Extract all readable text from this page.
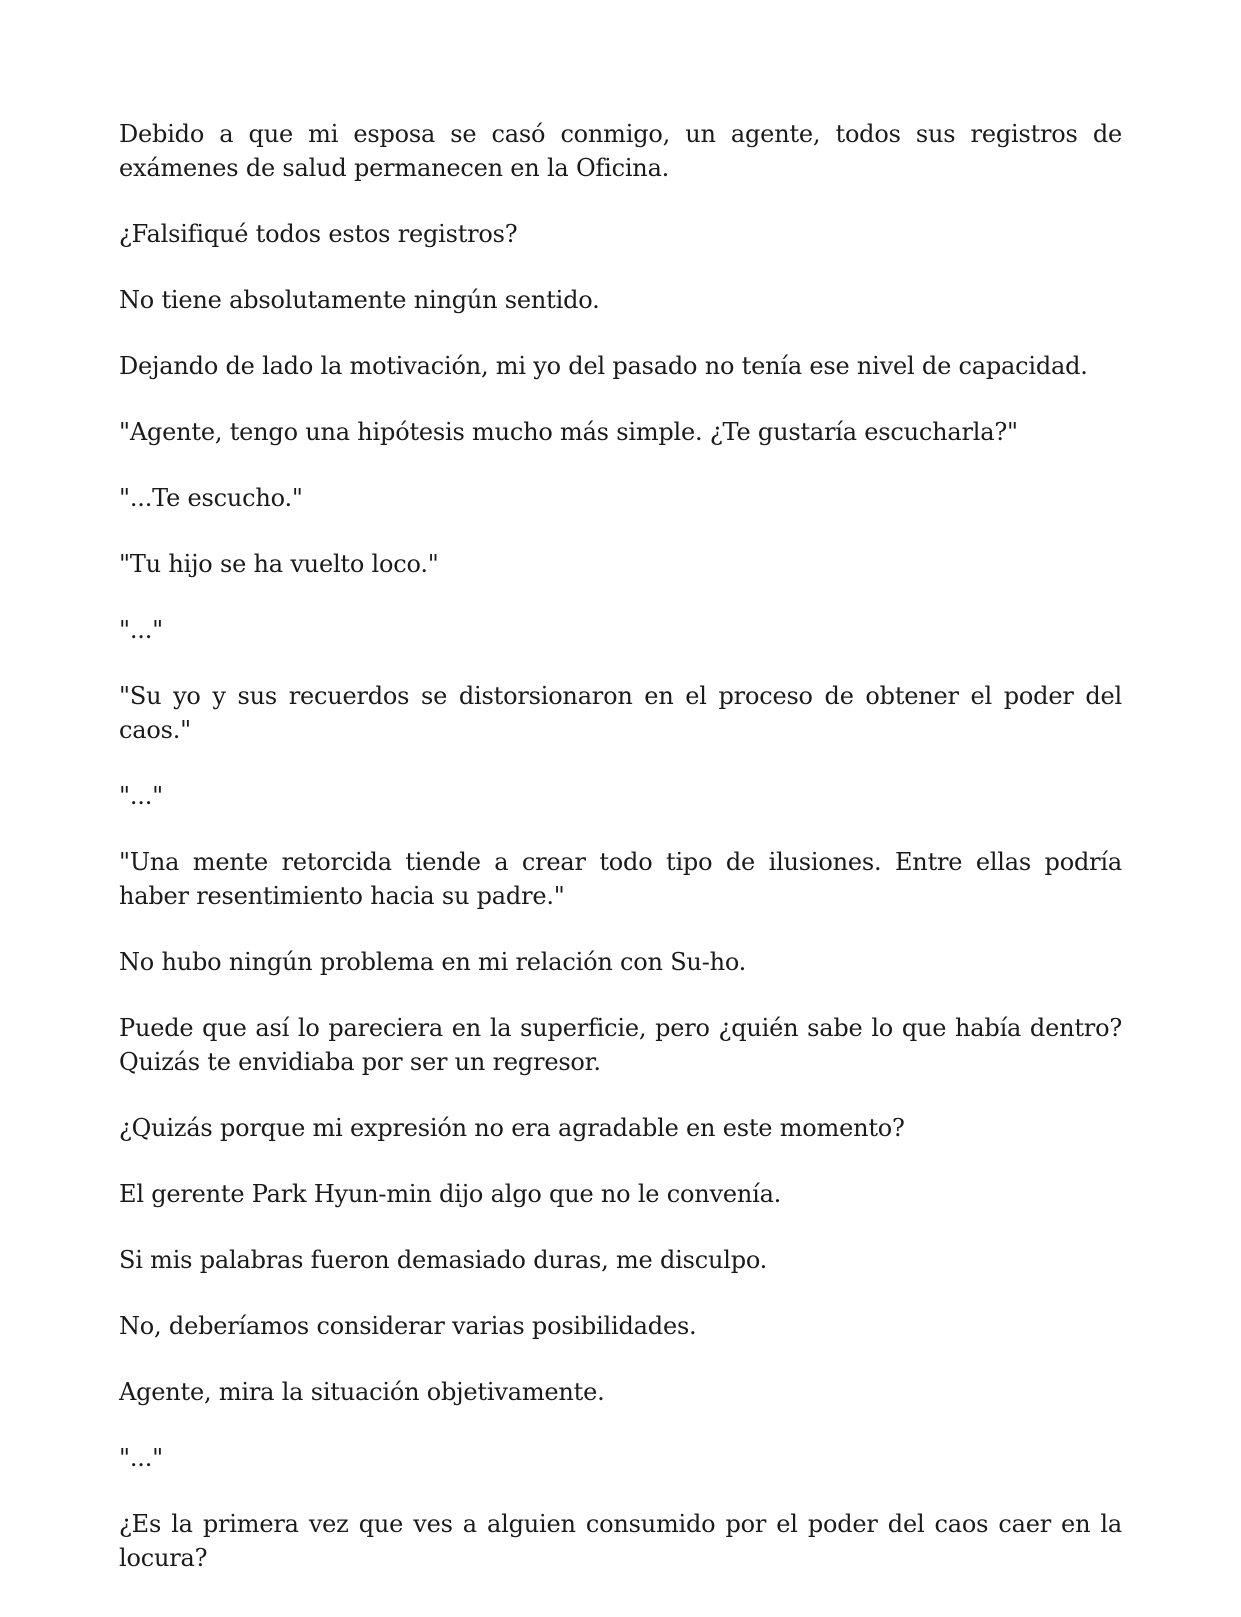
Debido a que mi esposa se casó conmigo, un agente, todos sus registros de exámenes de salud permanecen en la Oficina.

¿Falsifiqué todos estos registros?

No tiene absolutamente ningún sentido.

Dejando de lado la motivación, mi yo del pasado no tenía ese nivel de capacidad.

"Agente, tengo una hipótesis mucho más simple. ¿Te gustaría escucharla?"

"...Te escucho."

"Tu hijo se ha vuelto loco."

"..."

"Su yo y sus recuerdos se distorsionaron en el proceso de obtener el poder del caos."

"..."

"Una mente retorcida tiende a crear todo tipo de ilusiones. Entre ellas podría haber resentimiento hacia su padre."

No hubo ningún problema en mi relación con Su-ho.

Puede que así lo pareciera en la superficie, pero ¿quién sabe lo que había dentro? Quizás te envidiaba por ser un regresor.

¿Quizás porque mi expresión no era agradable en este momento?

El gerente Park Hyun-min dijo algo que no le convenía.

Si mis palabras fueron demasiado duras, me disculpo.

No, deberíamos considerar varias posibilidades.

Agente, mira la situación objetivamente.

"..."

¿Es la primera vez que ves a alguien consumido por el poder del caos caer en la locura?
